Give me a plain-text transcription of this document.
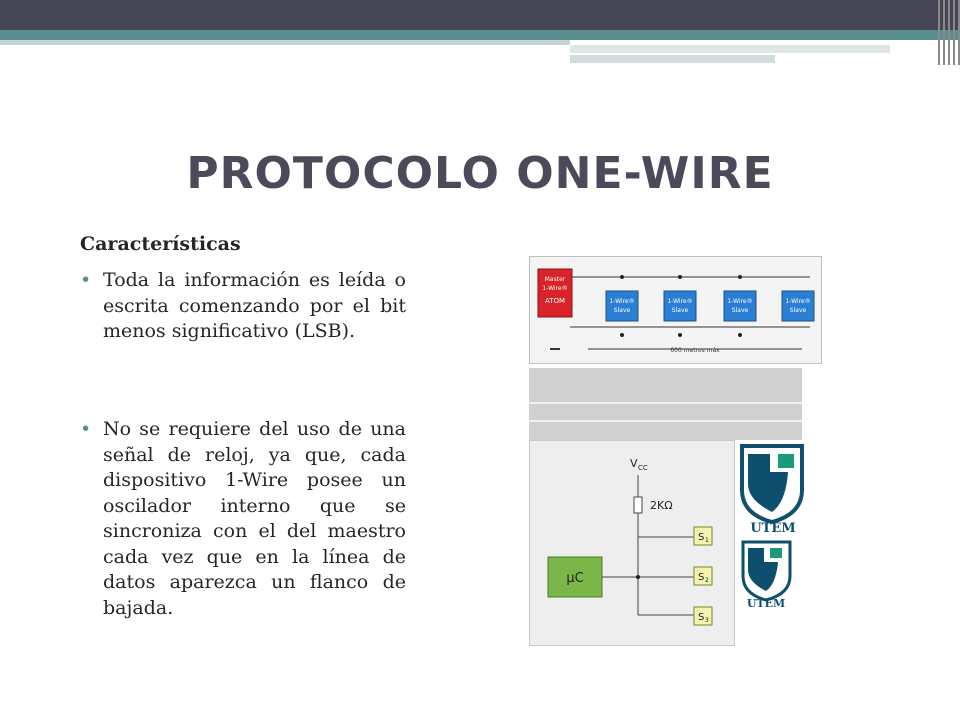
PROTOCOLO ONE-WIRE
Características
• Toda la información es leída o escrita comenzando por el bit menos significativo (LSB).
• No se requiere del uso de una señal de reloj, ya que, cada dispositivo 1-Wire posee un oscilador interno que se sincroniza con el del maestro cada vez que en la línea de datos aparezca un flanco de bajada.
Master
1-Wire®
ATOM	1-Wire®
Slave
1-Wire®
Slave
1-Wire®
Slave
1-Wire®
Slave
600 metros máx
V CC
2KΩ
µC
S 1
S 2
S 3
UTEM
UTEM
